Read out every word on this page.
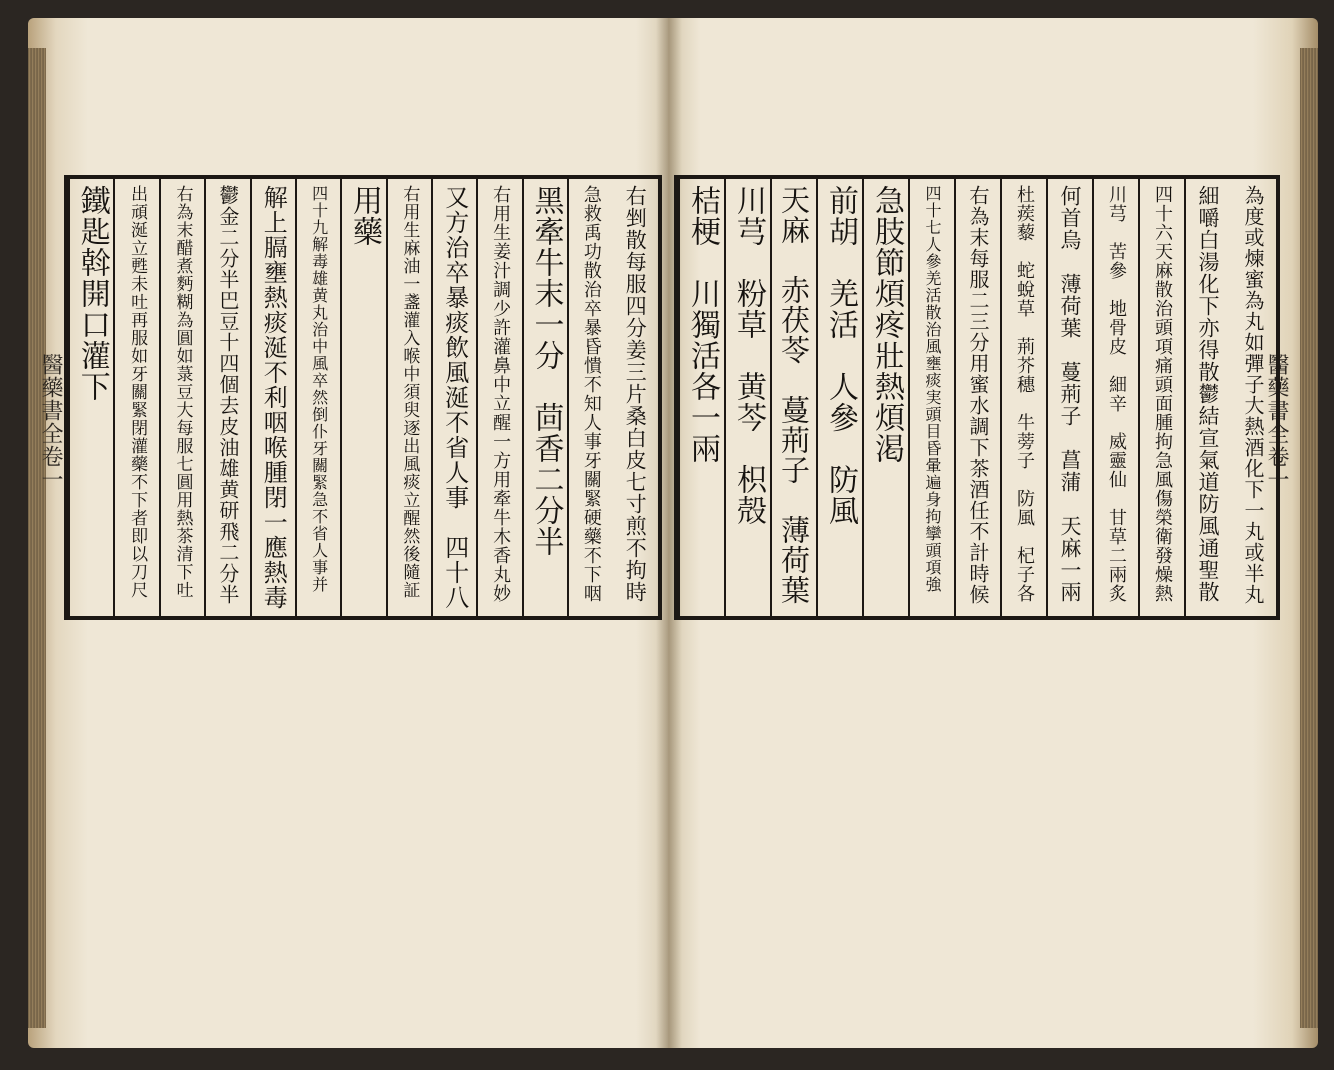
醫藥書全卷一	醫藥書全卷一
右剉散每服四分姜三片桑白皮七寸煎不拘時
急救禹功散治卒暴昏憒不知人事牙關緊硬藥不下咽
黑牽牛末一分　茴香二分半
右用生姜汁調少許灌鼻中立醒一方用牽牛木香丸妙
又方治卒暴痰飲風涎不省人事　四十八
右用生麻油一盞灌入喉中須臾逐出風痰立醒然後隨証
用藥
四十九解毒雄黄丸治中風卒然倒仆牙關緊急不省人事并
解上膈壅熱痰涎不利咽喉腫閉一應熱毒
鬱金二分半巴豆十四個去皮油雄黄研飛二分半
右為末醋煮麪糊為圓如菉豆大每服七圓用熱茶清下吐
出頑涎立甦未吐再服如牙關緊閉灌藥不下者即以刀尺
鐵匙斡開口灌下	為度或煉蜜為丸如彈子大熱酒化下一丸或半丸
細嚼白湯化下亦得散鬱結宣氣道防風通聖散
四十六天麻散治頭項痛頭面腫拘急風傷榮衛發燥熱
川芎　苦參　地骨皮　細辛　威靈仙　甘草二兩炙
何首烏　薄荷葉　蔓荊子　菖蒲　天麻一兩
杜蒺藜　蛇蛻草　荊芥穗　牛蒡子　防風　杞子各
右為末每服二三分用蜜水調下茶酒任不計時候
四十七人參羌活散治風壅痰実頭目昏暈遍身拘攣頭項強
急肢節煩疼壯熱煩渇
前胡　羌活　人參　防風
天麻　赤茯苓　蔓荊子　薄荷葉
川芎　粉草　黄芩　枳殻
桔梗　川獨活各一兩
